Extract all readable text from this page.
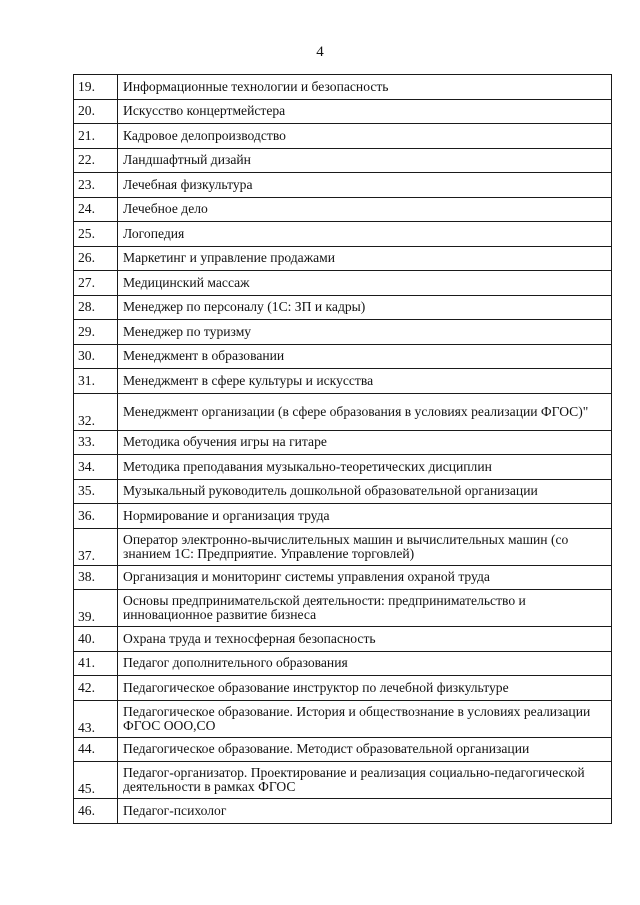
4
19.	Информационные технологии и безопасность
20.	Искусство концертмейстера
21.	Кадровое делопроизводство
22.	Ландшафтный дизайн
23.	Лечебная физкультура
24.	Лечебное дело
25.	Логопедия
26.	Маркетинг и управление продажами
27.	Медицинский массаж
28.	Менеджер по персоналу (1С: ЗП и кадры)
29.	Менеджер по туризму
30.	Менеджмент в образовании
31.	Менеджмент в сфере культуры и искусства
32.	Менеджмент организации (в сфере образования в условиях реализации ФГОС)"
33.	Методика обучения игры на гитаре
34.	Методика преподавания музыкально-теоретических дисциплин
35.	Музыкальный руководитель дошкольной образовательной организации
36.	Нормирование и организация труда
37.	Оператор электронно-вычислительных машин и вычислительных машин (со знанием 1С: Предприятие. Управление торговлей)
38.	Организация и мониторинг системы управления охраной труда
39.	Основы предпринимательской деятельности: предпринимательство и инновационное развитие бизнеса
40.	Охрана труда и техносферная безопасность
41.	Педагог дополнительного образования
42.	Педагогическое образование инструктор по лечебной физкультуре
43.	Педагогическое образование. История и обществознание в условиях реализации ФГОС ООО,СО
44.	Педагогическое образование. Методист образовательной организации
45.	Педагог-организатор. Проектирование и реализация социально-педагогической деятельности в рамках ФГОС
46.	Педагог-психолог
